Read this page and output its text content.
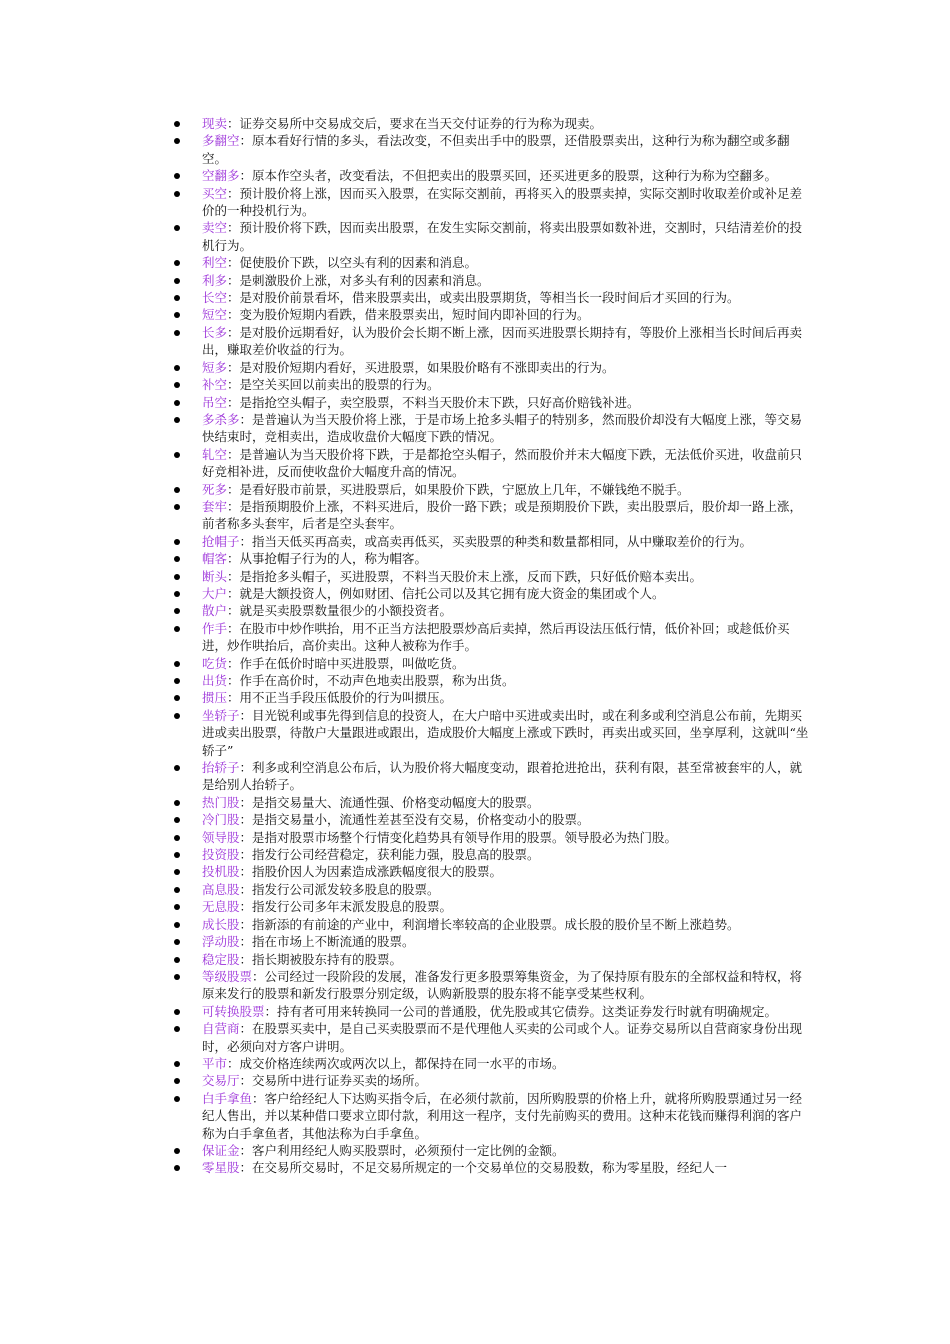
现卖：证券交易所中交易成交后，要求在当天交付证券的行为称为现卖。
多翻空：原本看好行情的多头，看法改变，不但卖出手中的股票，还借股票卖出，这种行为称为翻空或多翻空。
空翻多：原本作空头者，改变看法，不但把卖出的股票买回，还买进更多的股票，这种行为称为空翻多。
买空：预计股价将上涨，因而买入股票，在实际交割前，再将买入的股票卖掉，实际交割时收取差价或补足差价的一种投机行为。
卖空：预计股价将下跌，因而卖出股票，在发生实际交割前，将卖出股票如数补进，交割时，只结清差价的投机行为。
利空：促使股价下跌，以空头有利的因素和消息。
利多：是刺激股价上涨，对多头有利的因素和消息。
长空：是对股价前景看坏，借来股票卖出，或卖出股票期货，等相当长一段时间后才买回的行为。
短空：变为股价短期内看跌，借来股票卖出，短时间内即补回的行为。
长多：是对股价远期看好，认为股价会长期不断上涨，因而买进股票长期持有，等股价上涨相当长时间后再卖出，赚取差价收益的行为。
短多：是对股价短期内看好，买进股票，如果股价略有不涨即卖出的行为。
补空：是空关买回以前卖出的股票的行为。
吊空：是指抢空头帽子，卖空股票，不料当天股价末下跌，只好高价赔钱补进。
多杀多：是普遍认为当天股价将上涨，于是市场上抢多头帽子的特别多，然而股价却没有大幅度上涨，等交易快结束时，竞相卖出，造成收盘价大幅度下跌的情况。
轧空：是普遍认为当天股价将下跌，于是都抢空头帽子，然而股价并末大幅度下跌，无法低价买进，收盘前只好竞相补进，反而使收盘价大幅度升高的情况。
死多：是看好股市前景，买进股票后，如果股价下跌，宁愿放上几年，不嫌钱绝不脱手。
套牢：是指预期股价上涨，不料买进后，股价一路下跌；或是预期股价下跌，卖出股票后，股价却一路上涨，前者称多头套牢，后者是空头套牢。
抢帽子：指当天低买再高卖，或高卖再低买，买卖股票的种类和数量都相同，从中赚取差价的行为。
帽客：从事抢帽子行为的人，称为帽客。
断头：是指抢多头帽子，买进股票，不料当天股价末上涨，反而下跌，只好低价赔本卖出。
大户：就是大额投资人，例如财团、信托公司以及其它拥有庞大资金的集团或个人。
散户：就是买卖股票数量很少的小额投资者。
作手：在股市中炒作哄抬，用不正当方法把股票炒高后卖掉，然后再设法压低行情，低价补回；或趁低价买进，炒作哄抬后，高价卖出。这种人被称为作手。
吃货：作手在低价时暗中买进股票，叫做吃货。
出货：作手在高价时，不动声色地卖出股票，称为出货。
掼压：用不正当手段压低股价的行为叫掼压。
坐轿子：目光锐利或事先得到信息的投资人，在大户暗中买进或卖出时，或在利多或利空消息公布前，先期买进或卖出股票，待散户大量跟进或跟出，造成股价大幅度上涨或下跌时，再卖出或买回，坐享厚利，这就叫“坐轿子”
抬轿子：利多或利空消息公布后，认为股价将大幅度变动，跟着抢进抢出，获利有限，甚至常被套牢的人，就是给别人抬轿子。
热门股：是指交易量大、流通性强、价格变动幅度大的股票。
冷门股：是指交易量小，流通性差甚至没有交易，价格变动小的股票。
领导股：是指对股票市场整个行情变化趋势具有领导作用的股票。领导股必为热门股。
投资股：指发行公司经营稳定，获利能力强，股息高的股票。
投机股：指股价因人为因素造成涨跌幅度很大的股票。
高息股：指发行公司派发较多股息的股票。
无息股：指发行公司多年末派发股息的股票。
成长股：指新添的有前途的产业中，利润增长率较高的企业股票。成长股的股价呈不断上涨趋势。
浮动股：指在市场上不断流通的股票。
稳定股：指长期被股东持有的股票。
等级股票：公司经过一段阶段的发展，准备发行更多股票筹集资金，为了保持原有股东的全部权益和特权，将原来发行的股票和新发行股票分别定级，认购新股票的股东将不能享受某些权利。
可转换股票：持有者可用来转换同一公司的普通股，优先股或其它债券。这类证券发行时就有明确规定。
自营商：在股票买卖中，是自己买卖股票而不是代理他人买卖的公司或个人。证券交易所以自营商家身份出现时，必须向对方客户讲明。
平市：成交价格连续两次或两次以上，都保持在同一水平的市场。
交易厅：交易所中进行证券买卖的场所。
白手拿鱼：客户给经纪人下达购买指令后，在必须付款前，因所购股票的价格上升，就将所购股票通过另一经纪人售出，并以某种借口要求立即付款，利用这一程序，支付先前购买的费用。这种末花钱而赚得利润的客户称为白手拿鱼者，其他法称为白手拿鱼。
保证金：客户利用经纪人购买股票时，必须预付一定比例的金额。
零星股：在交易所交易时，不足交易所规定的一个交易单位的交易股数，称为零星股，经纪人一
